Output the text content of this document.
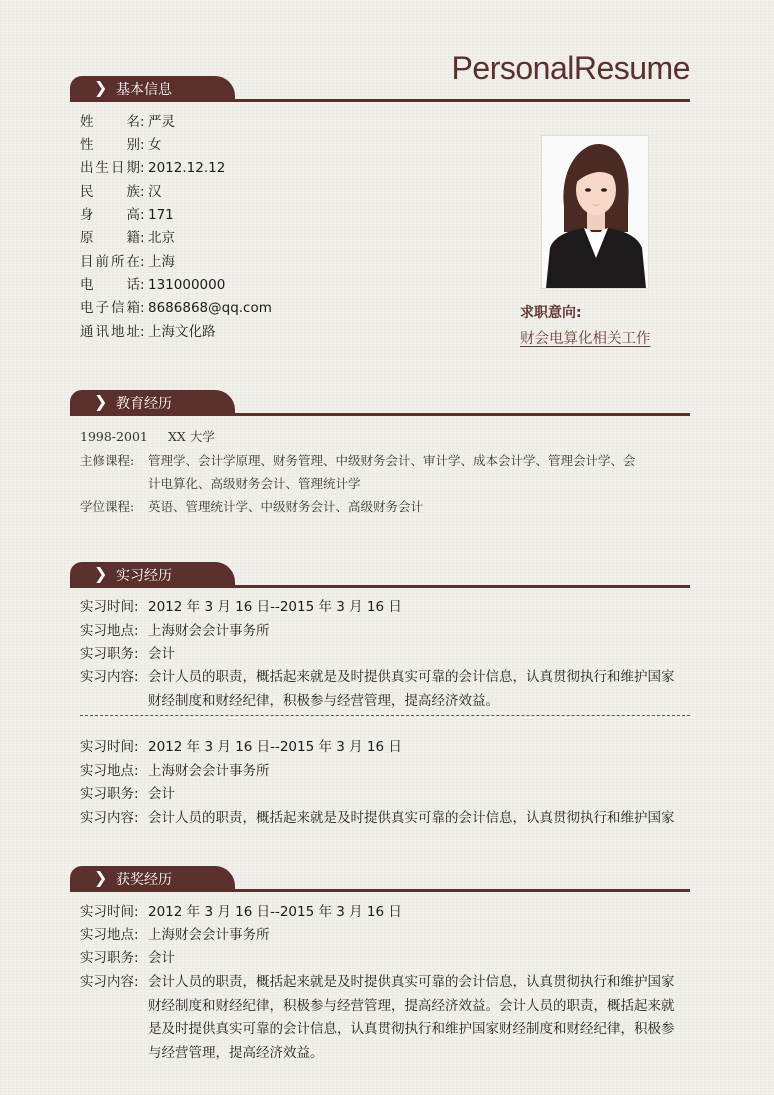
PersonalResume
❯ 基本信息
姓名: 严灵
性别: 女
出生日期: 2012.12.12
民族: 汉
身高: 171
原籍: 北京
目前所在: 上海
电话: 131000000
电子信箱: 8686868@qq.com
通讯地址: 上海文化路
求职意向:
财会电算化相关工作
❯ 教育经历
1998-2001 XX 大学
主修课程:	管理学、会计学原理、财务管理、中级财务会计、审计学、成本会计学、管理会计学、会
计电算化、高级财务会计、管理统计学
学位课程: 英语、管理统计学、中级财务会计、高级财务会计
❯ 实习经历
实习时间: 2012 年 3 月 16 日--2015 年 3 月 16 日
实习地点: 上海财会会计事务所
实习职务: 会计
实习内容: 会计人员的职责，概括起来就是及时提供真实可靠的会计信息，认真贯彻执行和维护国家
财经制度和财经纪律，积极参与经营管理，提高经济效益。
实习时间: 2012 年 3 月 16 日--2015 年 3 月 16 日
实习地点: 上海财会会计事务所
实习职务: 会计
实习内容: 会计人员的职责，概括起来就是及时提供真实可靠的会计信息，认真贯彻执行和维护国家
❯ 获奖经历
实习时间: 2012 年 3 月 16 日--2015 年 3 月 16 日
实习地点: 上海财会会计事务所
实习职务: 会计
实习内容: 会计人员的职责，概括起来就是及时提供真实可靠的会计信息，认真贯彻执行和维护国家
财经制度和财经纪律，积极参与经营管理，提高经济效益。会计人员的职责，概括起来就
是及时提供真实可靠的会计信息，认真贯彻执行和维护国家财经制度和财经纪律，积极参
与经营管理，提高经济效益。
